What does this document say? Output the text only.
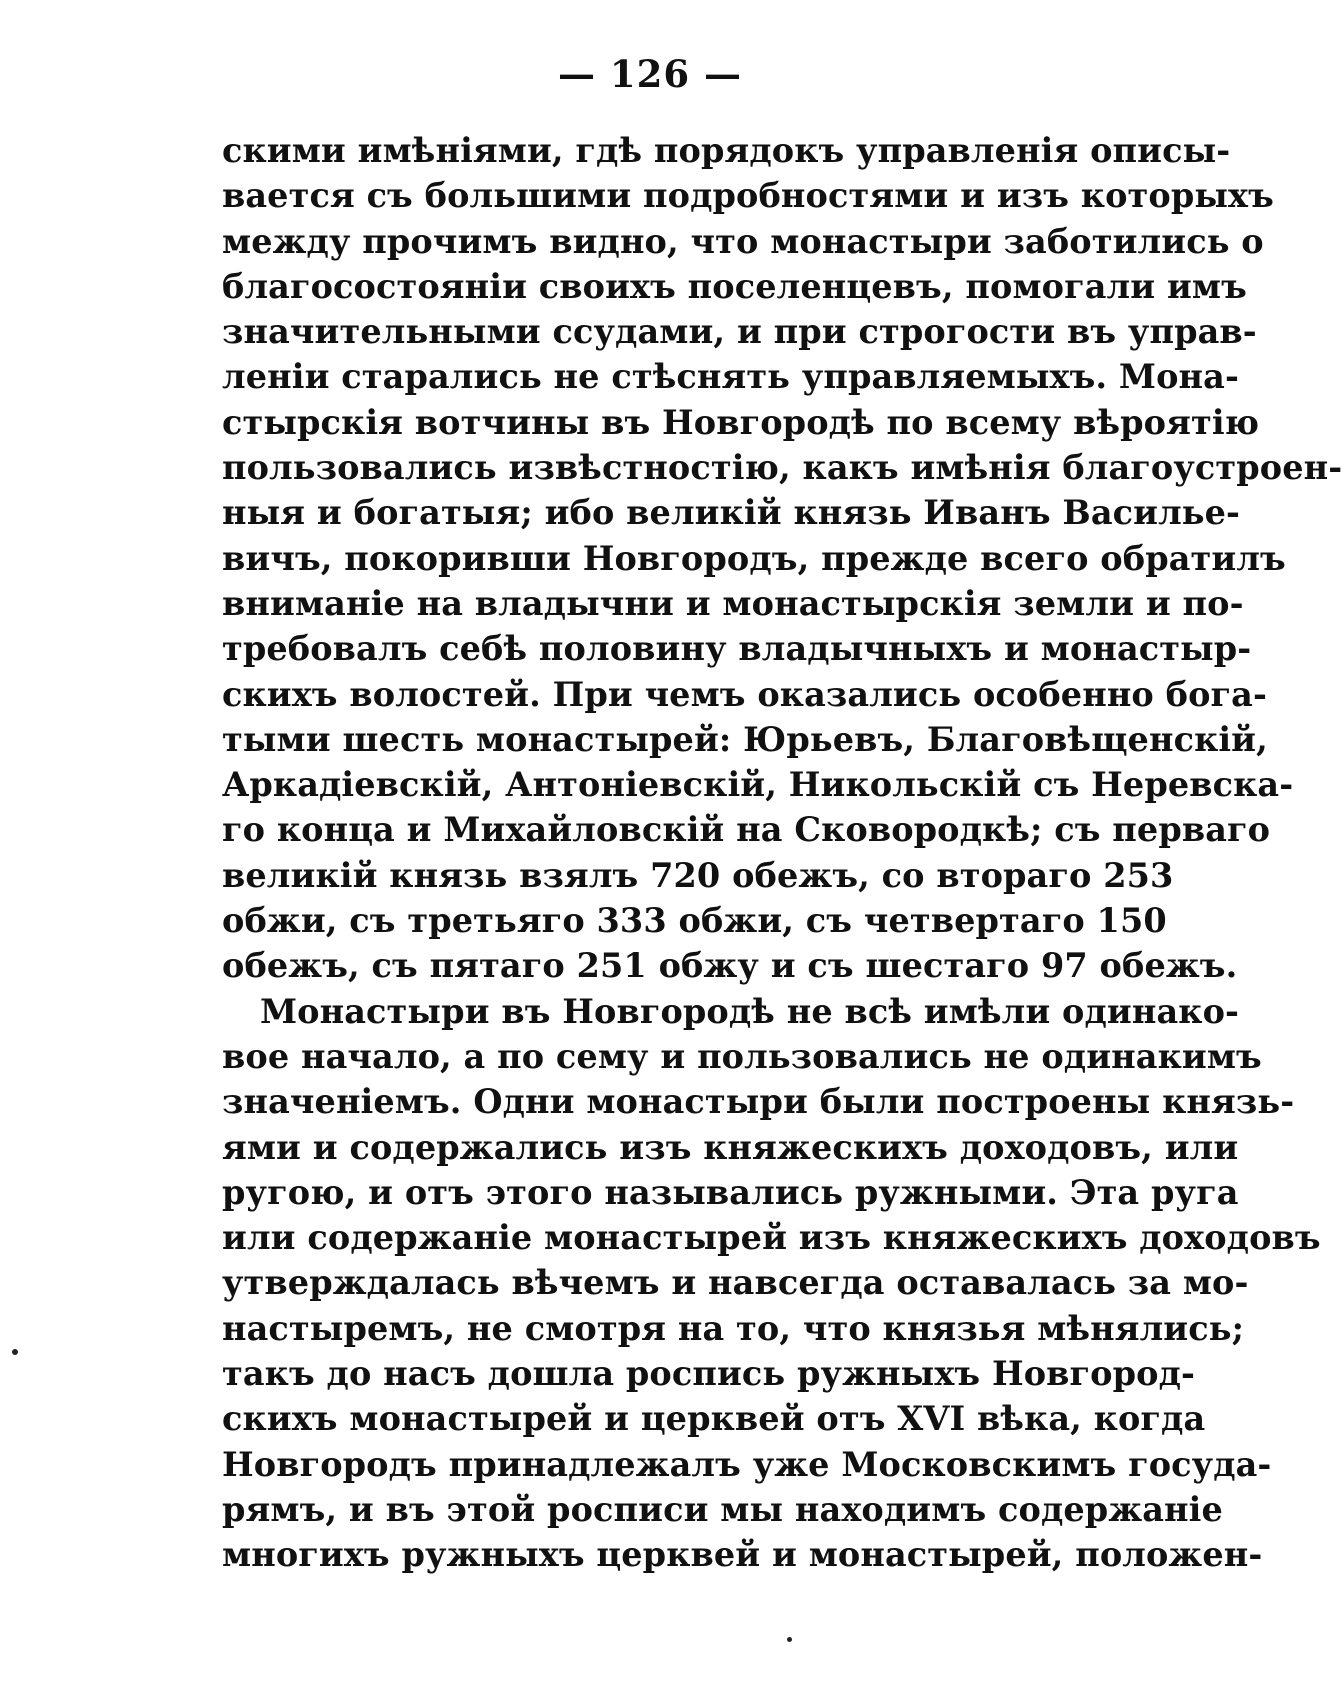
— 126 —
скими имѣніями, гдѣ порядокъ управленія описы-
вается съ большими подробностями и изъ которыхъ
между прочимъ видно, что монастыри заботились о
благосостояніи своихъ поселенцевъ, помогали имъ
значительными ссудами, и при строгости въ управ-
леніи старались не стѣснять управляемыхъ. Мона-
стырскія вотчины въ Новгородѣ по всему вѣроятію
пользовались извѣстностію, какъ имѣнія благоустроен-
ныя и богатыя; ибо великій князь Иванъ Василье-
вичъ, покоривши Новгородъ, прежде всего обратилъ
вниманіе на владычни и монастырскія земли и по-
требовалъ себѣ половину владычныхъ и монастыр-
скихъ волостей. При чемъ оказались особенно бога-
тыми шесть монастырей: Юрьевъ, Благовѣщенскій,
Аркадіевскій, Антоніевскій, Никольскій съ Неревска-
го конца и Михайловскій на Сковородкѣ; съ перваго
великій князь взялъ 720 обежъ, со втораго 253
обжи, съ третьяго 333 обжи, съ четвертаго 150
обежъ, съ пятаго 251 обжу и съ шестаго 97 обежъ.
Монастыри въ Новгородѣ не всѣ имѣли одинако-
вое начало, а по сему и пользовались не одинакимъ
значеніемъ. Одни монастыри были построены князь-
ями и содержались изъ княжескихъ доходовъ, или
ругою, и отъ этого назывались ружными. Эта руга
или содержаніе монастырей изъ княжескихъ доходовъ
утверждалась вѣчемъ и навсегда оставалась за мо-
настыремъ, не смотря на то, что князья мѣнялись;
такъ до насъ дошла роспись ружныхъ Новгород-
скихъ монастырей и церквей отъ XVI вѣка, когда
Новгородъ принадлежалъ уже Московскимъ госуда-
рямъ, и въ этой росписи мы находимъ содержаніе
многихъ ружныхъ церквей и монастырей, положен-
